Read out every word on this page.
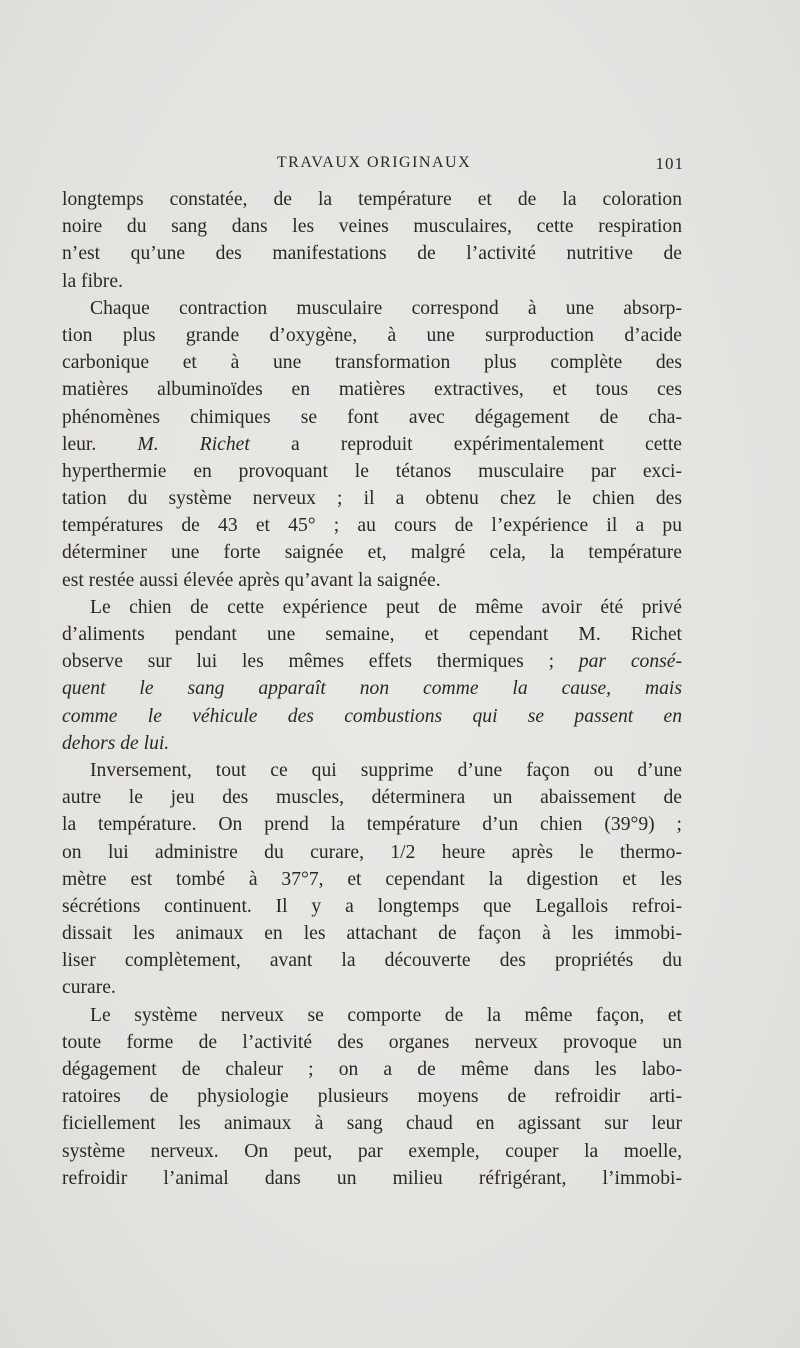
TRAVAUX ORIGINAUX	101
longtemps constatée, de la température et de la coloration
noire du sang dans les veines musculaires, cette respiration
n’est qu’une des manifestations de l’activité nutritive de
la fibre.
Chaque contraction musculaire correspond à une absorp-
tion plus grande d’oxygène, à une surproduction d’acide
carbonique et à une transformation plus complète des
matières albuminoïdes en matières extractives, et tous ces
phénomènes chimiques se font avec dégagement de cha-
leur. M. Richet a reproduit expérimentalement cette
hyperthermie en provoquant le tétanos musculaire par exci-
tation du système nerveux ; il a obtenu chez le chien des
températures de 43 et 45° ; au cours de l’expérience il a pu
déterminer une forte saignée et, malgré cela, la température
est restée aussi élevée après qu’avant la saignée.
Le chien de cette expérience peut de même avoir été privé
d’aliments pendant une semaine, et cependant M. Richet
observe sur lui les mêmes effets thermiques ; par consé-
quent le sang apparaît non comme la cause, mais
comme le véhicule des combustions qui se passent en
dehors de lui.
Inversement, tout ce qui supprime d’une façon ou d’une
autre le jeu des muscles, déterminera un abaissement de
la température. On prend la température d’un chien (39°9) ;
on lui administre du curare, 1/2 heure après le thermo-
mètre est tombé à 37°7, et cependant la digestion et les
sécrétions continuent. Il y a longtemps que Legallois refroi-
dissait les animaux en les attachant de façon à les immobi-
liser complètement, avant la découverte des propriétés du
curare.
Le système nerveux se comporte de la même façon, et
toute forme de l’activité des organes nerveux provoque un
dégagement de chaleur ; on a de même dans les labo-
ratoires de physiologie plusieurs moyens de refroidir arti-
ficiellement les animaux à sang chaud en agissant sur leur
système nerveux. On peut, par exemple, couper la moelle,
refroidir l’animal dans un milieu réfrigérant, l’immobi-
